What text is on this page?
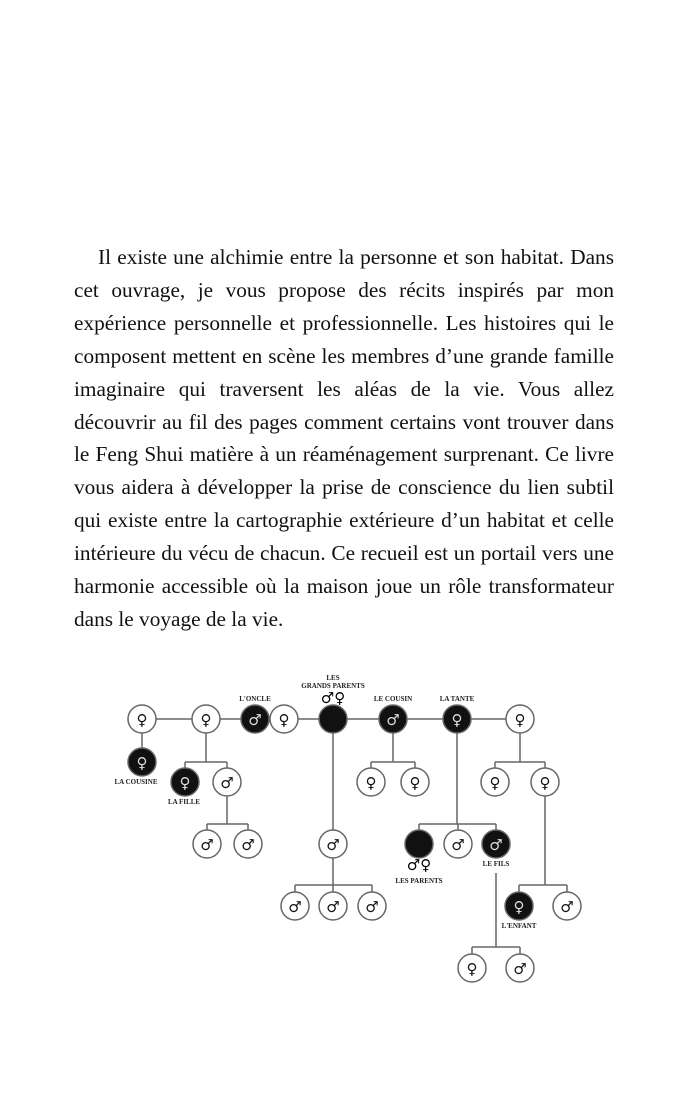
Il existe une alchimie entre la personne et son habitat. Dans cet ouvrage, je vous propose des récits inspirés par mon expérience personnelle et professionnelle. Les histoires qui le composent mettent en scène les membres d’une grande famille imaginaire qui traversent les aléas de la vie. Vous allez découvrir au fil des pages comment certains vont trouver dans le Feng Shui matière à un réaménagement surprenant. Ce livre vous aidera à développer la prise de conscience du lien subtil qui existe entre la cartographie extérieure d’un habitat et celle intérieure du vécu de chacun. Ce recueil est un portail vers une harmonie accessible où la maison joue un rôle transformateur dans le voyage de la vie.

♀	♀ ♂ ♀	♂	♀	♀
♀
♀ ♂	♀ ♀	♀	♀
♂ ♂	♂	♂ ♂
♂ ♂ ♂	♀ ♂
♀ ♂
LES
GRANDS PARENTS
♂♀
L'ONCLE	LE COUSIN	LA TANTE
LA COUSINE
LA FILLE
♂♀
LES PARENTS
LE FILS
L'ENFANT
